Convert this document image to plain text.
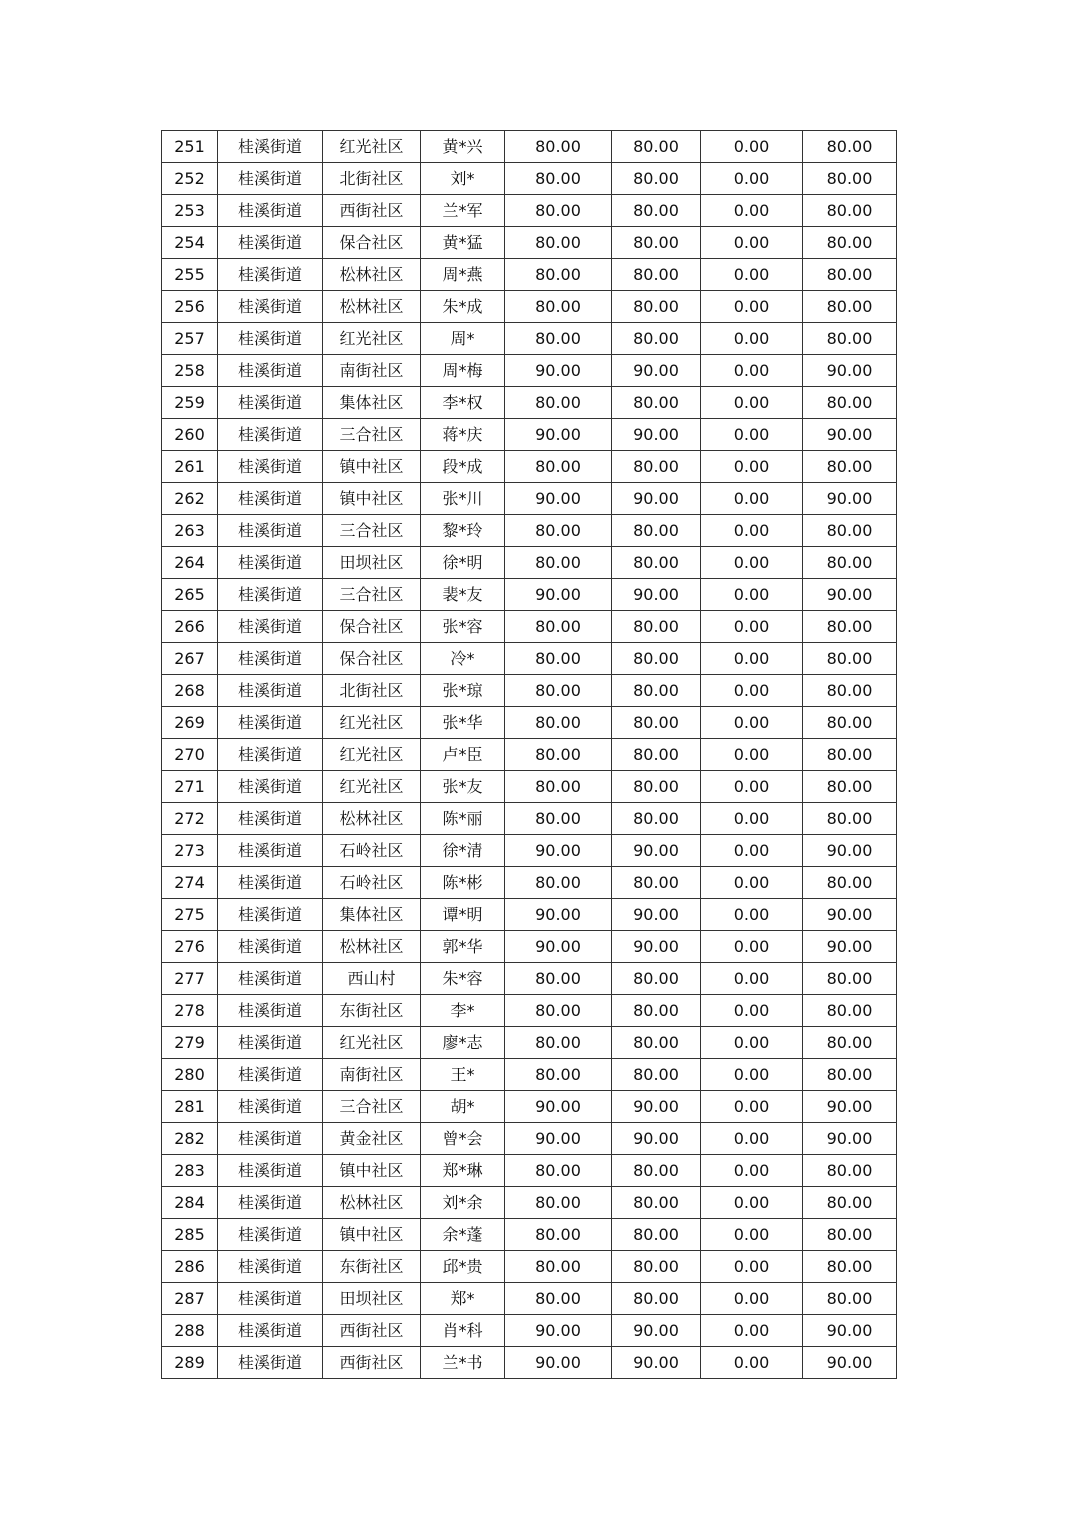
251	桂溪街道	红光社区	黄*兴	80.00	80.00	0.00	80.00
252	桂溪街道	北街社区	刘*	80.00	80.00	0.00	80.00
253	桂溪街道	西街社区	兰*军	80.00	80.00	0.00	80.00
254	桂溪街道	保合社区	黄*猛	80.00	80.00	0.00	80.00
255	桂溪街道	松林社区	周*燕	80.00	80.00	0.00	80.00
256	桂溪街道	松林社区	朱*成	80.00	80.00	0.00	80.00
257	桂溪街道	红光社区	周*	80.00	80.00	0.00	80.00
258	桂溪街道	南街社区	周*梅	90.00	90.00	0.00	90.00
259	桂溪街道	集体社区	李*权	80.00	80.00	0.00	80.00
260	桂溪街道	三合社区	蒋*庆	90.00	90.00	0.00	90.00
261	桂溪街道	镇中社区	段*成	80.00	80.00	0.00	80.00
262	桂溪街道	镇中社区	张*川	90.00	90.00	0.00	90.00
263	桂溪街道	三合社区	黎*玲	80.00	80.00	0.00	80.00
264	桂溪街道	田坝社区	徐*明	80.00	80.00	0.00	80.00
265	桂溪街道	三合社区	裴*友	90.00	90.00	0.00	90.00
266	桂溪街道	保合社区	张*容	80.00	80.00	0.00	80.00
267	桂溪街道	保合社区	冷*	80.00	80.00	0.00	80.00
268	桂溪街道	北街社区	张*琼	80.00	80.00	0.00	80.00
269	桂溪街道	红光社区	张*华	80.00	80.00	0.00	80.00
270	桂溪街道	红光社区	卢*臣	80.00	80.00	0.00	80.00
271	桂溪街道	红光社区	张*友	80.00	80.00	0.00	80.00
272	桂溪街道	松林社区	陈*丽	80.00	80.00	0.00	80.00
273	桂溪街道	石岭社区	徐*清	90.00	90.00	0.00	90.00
274	桂溪街道	石岭社区	陈*彬	80.00	80.00	0.00	80.00
275	桂溪街道	集体社区	谭*明	90.00	90.00	0.00	90.00
276	桂溪街道	松林社区	郭*华	90.00	90.00	0.00	90.00
277	桂溪街道	西山村	朱*容	80.00	80.00	0.00	80.00
278	桂溪街道	东街社区	李*	80.00	80.00	0.00	80.00
279	桂溪街道	红光社区	廖*志	80.00	80.00	0.00	80.00
280	桂溪街道	南街社区	王*	80.00	80.00	0.00	80.00
281	桂溪街道	三合社区	胡*	90.00	90.00	0.00	90.00
282	桂溪街道	黄金社区	曾*会	90.00	90.00	0.00	90.00
283	桂溪街道	镇中社区	郑*琳	80.00	80.00	0.00	80.00
284	桂溪街道	松林社区	刘*余	80.00	80.00	0.00	80.00
285	桂溪街道	镇中社区	余*蓬	80.00	80.00	0.00	80.00
286	桂溪街道	东街社区	邱*贵	80.00	80.00	0.00	80.00
287	桂溪街道	田坝社区	郑*	80.00	80.00	0.00	80.00
288	桂溪街道	西街社区	肖*科	90.00	90.00	0.00	90.00
289	桂溪街道	西街社区	兰*书	90.00	90.00	0.00	90.00
